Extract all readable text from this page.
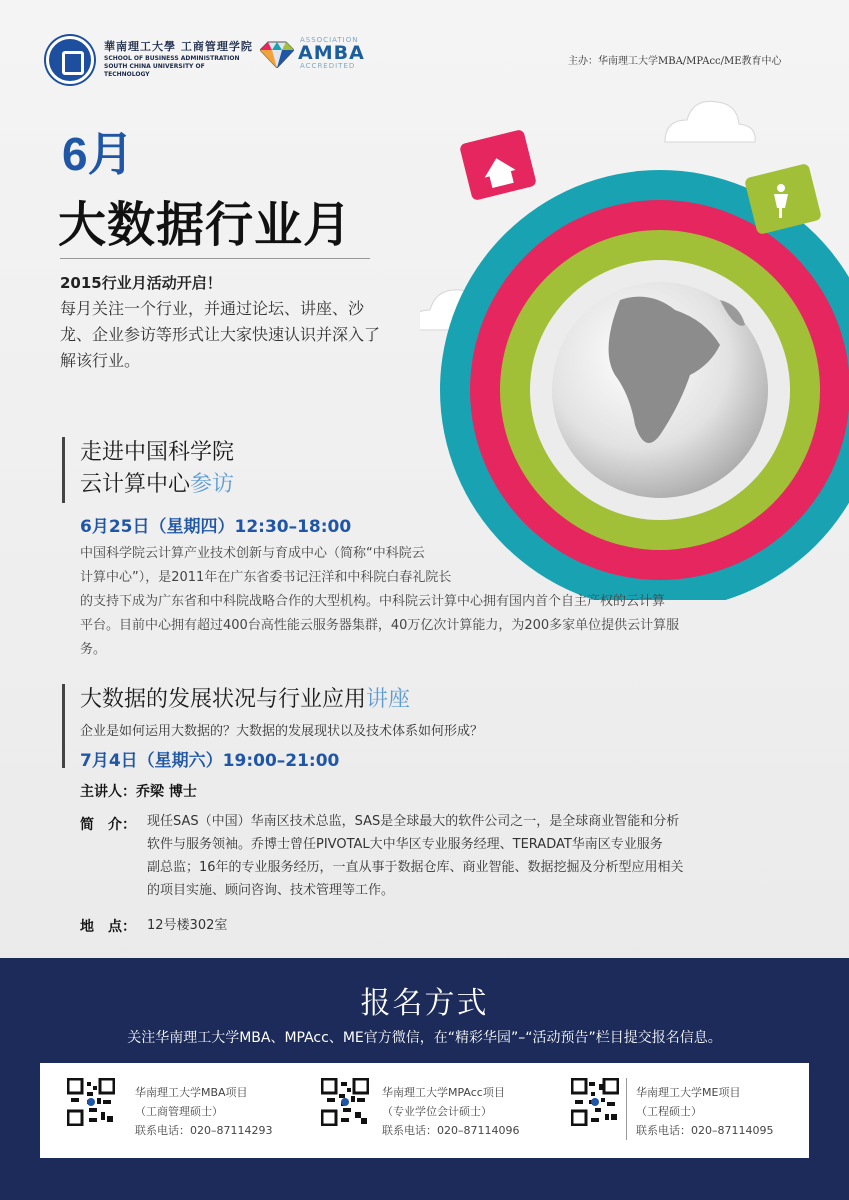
華南理工大學 工商管理学院
SCHOOL OF BUSINESS ADMINISTRATION
SOUTH CHINA UNIVERSITY OF TECHNOLOGY
ASSOCIATION
AMBA
ACCREDITED	主办：华南理工大学MBA/MPAcc/ME教育中心
6月
大数据行业月
2015行业月活动开启！
每月关注一个行业，并通过论坛、讲座、沙龙、企业参访等形式让大家快速认识并深入了解该行业。
走进中国科学院
云计算中心参访
6月25日（星期四）12:30–18:00
中国科学院云计算产业技术创新与育成中心（简称“中科院云
计算中心”），是2011年在广东省委书记汪洋和中科院白春礼院长
的支持下成为广东省和中科院战略合作的大型机构。中科院云计算中心拥有国内首个自主产权的云计算
平台。目前中心拥有超过400台高性能云服务器集群，40万亿次计算能力，为200多家单位提供云计算服
务。
大数据的发展状况与行业应用讲座
企业是如何运用大数据的？大数据的发展现状以及技术体系如何形成？
7月4日（星期六）19:00–21:00
主讲人：乔梁 博士
简　介： 现任SAS（中国）华南区技术总监，SAS是全球最大的软件公司之一，是全球商业智能和分析
软件与服务领袖。乔博士曾任PIVOTAL大中华区专业服务经理、TERADAT华南区专业服务
副总监；16年的专业服务经历，一直从事于数据仓库、商业智能、数据挖掘及分析型应用相关
的项目实施、顾问咨询、技术管理等工作。
地　点： 12号楼302室
报名方式
关注华南理工大学MBA、MPAcc、ME官方微信，在“精彩华园”–“活动预告”栏目提交报名信息。
华南理工大学MBA项目
（工商管理硕士）
联系电话：020–87114293
华南理工大学MPAcc项目
（专业学位会计硕士）
联系电话：020–87114096
华南理工大学ME项目
（工程硕士）
联系电话：020–87114095
